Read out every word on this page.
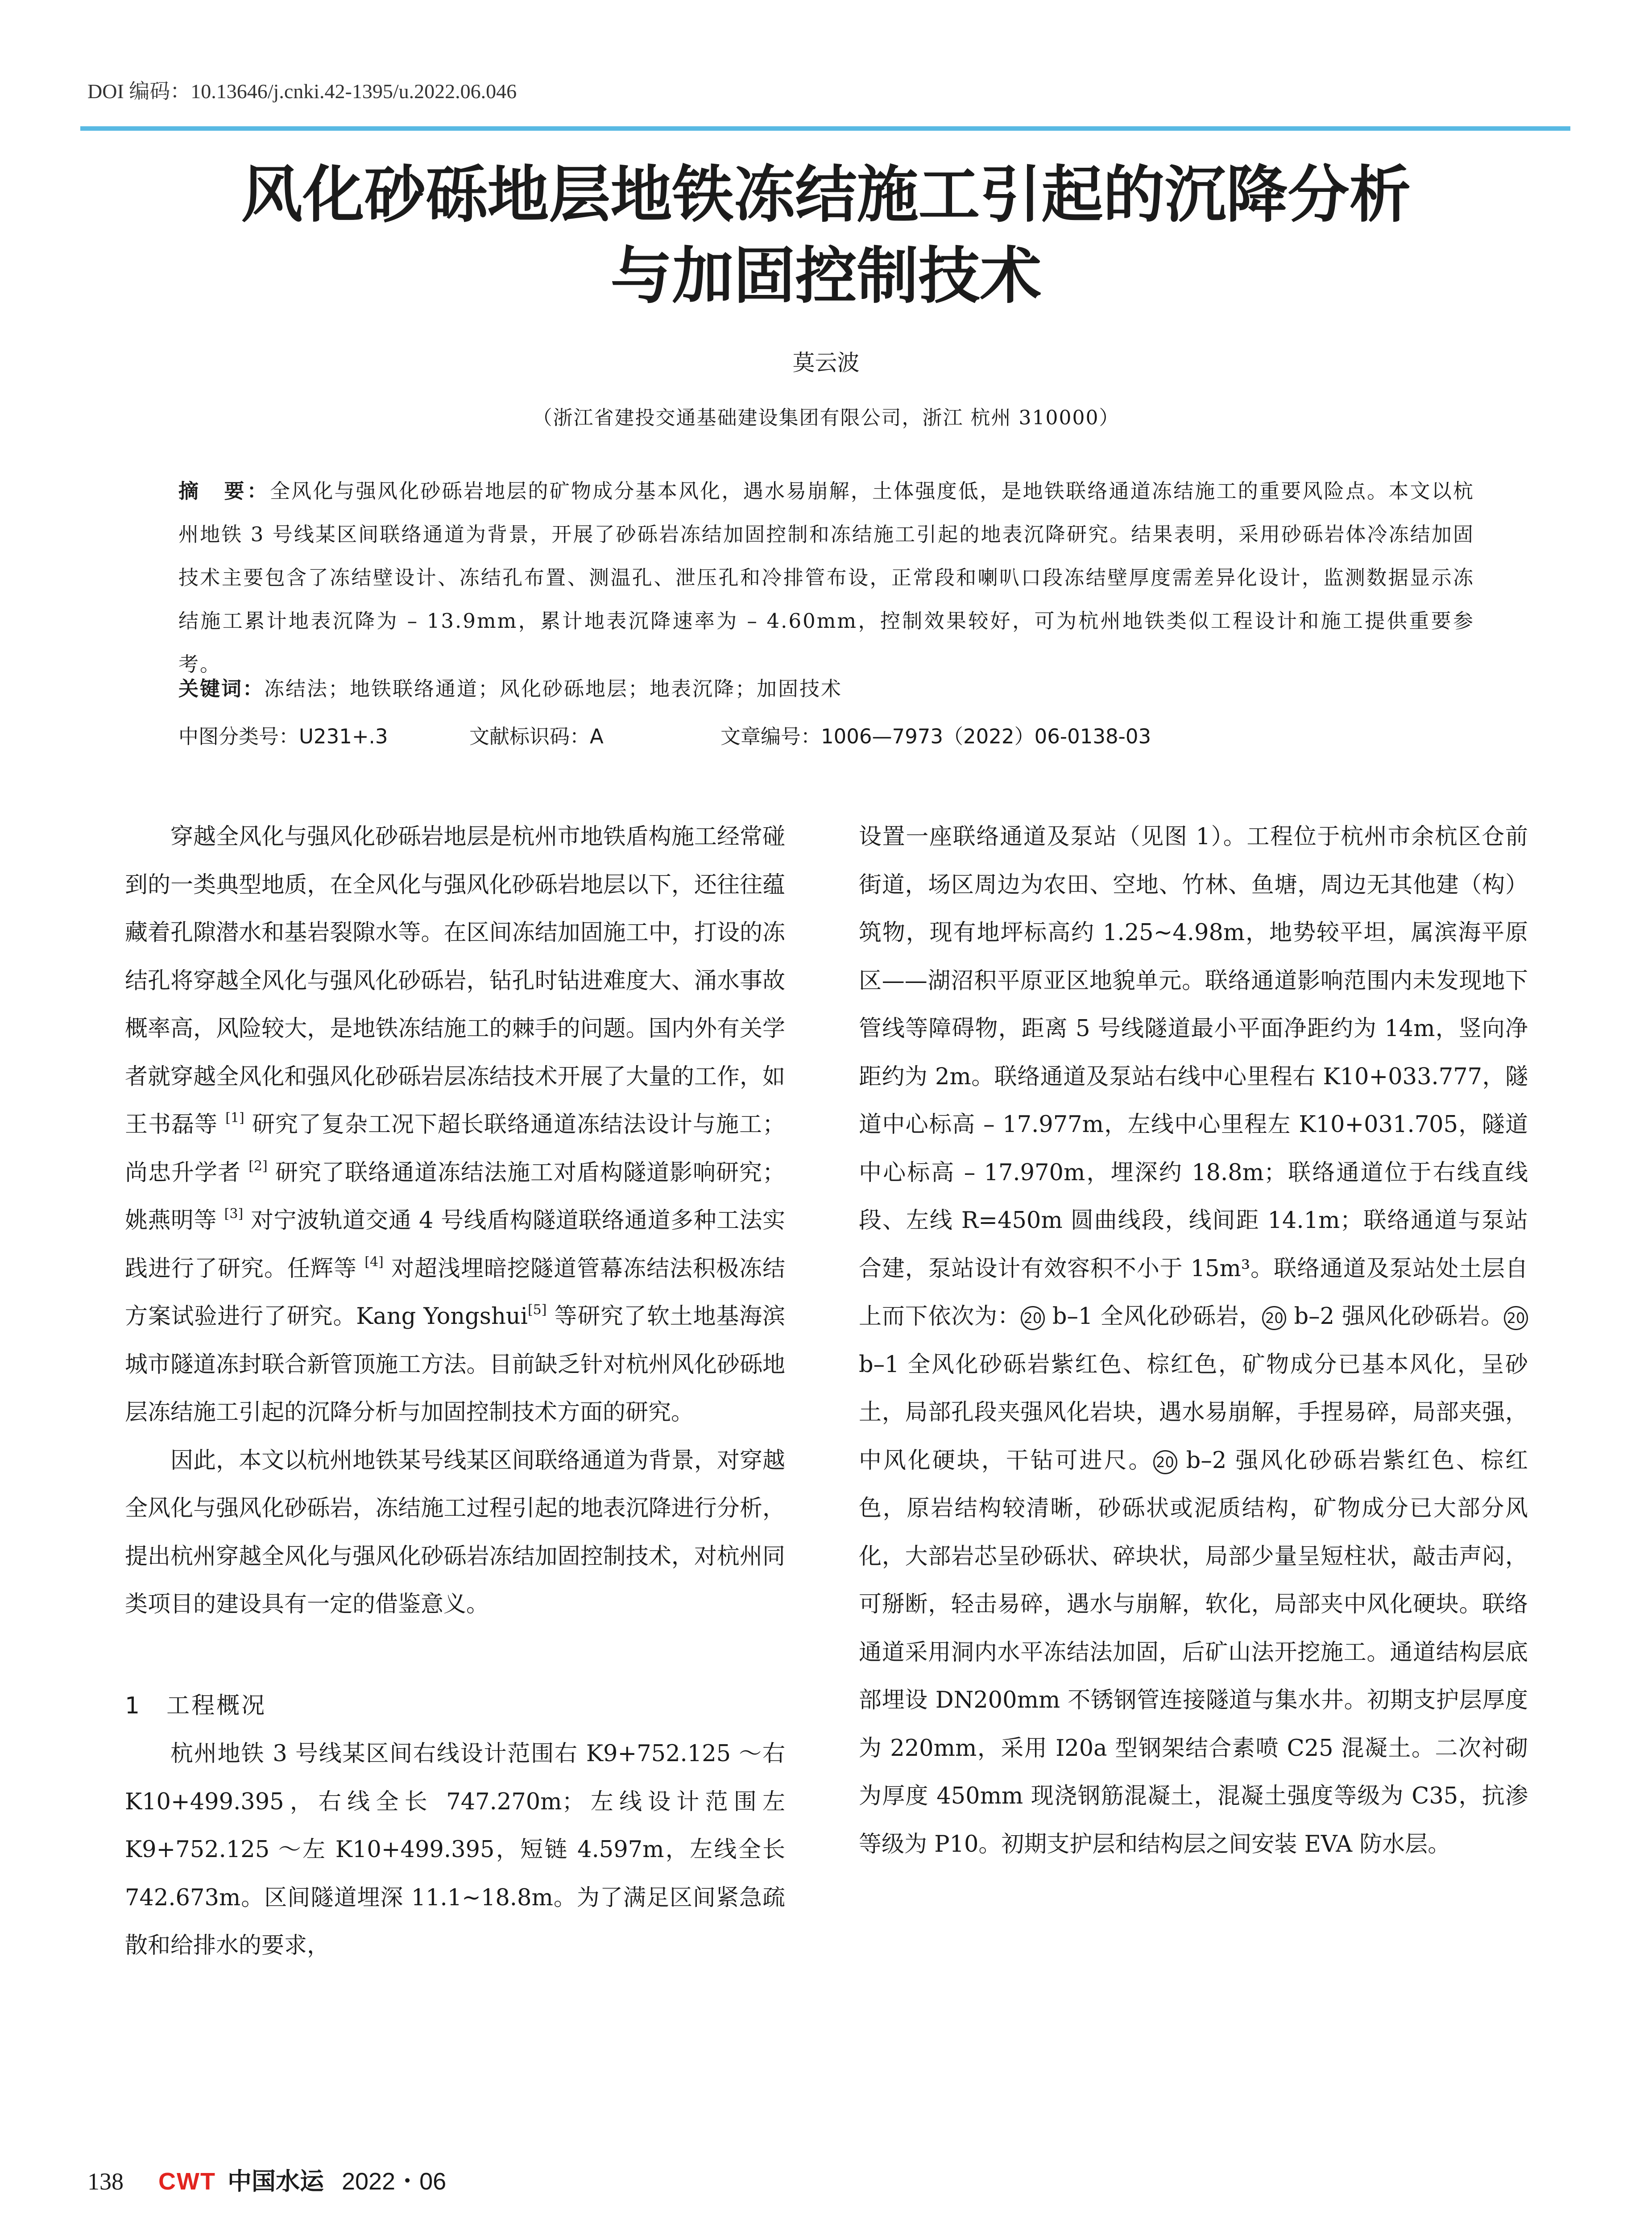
DOI 编码：10.13646/j.cnki.42-1395/u.2022.06.046
风化砂砾地层地铁冻结施工引起的沉降分析
与加固控制技术
莫云波
（浙江省建投交通基础建设集团有限公司，浙江 杭州 310000）
摘　要：全风化与强风化砂砾岩地层的矿物成分基本风化，遇水易崩解，土体强度低，是地铁联络通道冻结施工的重要风险点。本文以杭州地铁 3 号线某区间联络通道为背景，开展了砂砾岩冻结加固控制和冻结施工引起的地表沉降研究。结果表明，采用砂砾岩体冷冻结加固技术主要包含了冻结壁设计、冻结孔布置、测温孔、泄压孔和冷排管布设，正常段和喇叭口段冻结壁厚度需差异化设计，监测数据显示冻结施工累计地表沉降为 – 13.9mm，累计地表沉降速率为 – 4.60mm，控制效果较好，可为杭州地铁类似工程设计和施工提供重要参考。
关键词：冻结法；地铁联络通道；风化砂砾地层；地表沉降；加固技术
中图分类号：U231+.3	文献标识码：A	文章编号：1006—7973（2022）06-0138-03

穿越全风化与强风化砂砾岩地层是杭州市地铁盾构施工经常碰到的一类典型地质，在全风化与强风化砂砾岩地层以下，还往往蕴藏着孔隙潜水和基岩裂隙水等。在区间冻结加固施工中，打设的冻结孔将穿越全风化与强风化砂砾岩，钻孔时钻进难度大、涌水事故概率高，风险较大，是地铁冻结施工的棘手的问题。国内外有关学者就穿越全风化和强风化砂砾岩层冻结技术开展了大量的工作，如王书磊等 [1] 研究了复杂工况下超长联络通道冻结法设计与施工；尚忠升学者 [2] 研究了联络通道冻结法施工对盾构隧道影响研究；姚燕明等 [3] 对宁波轨道交通 4 号线盾构隧道联络通道多种工法实践进行了研究。任辉等 [4] 对超浅埋暗挖隧道管幕冻结法积极冻结方案试验进行了研究。Kang Yongshui[5] 等研究了软土地基海滨城市隧道冻封联合新管顶施工方法。目前缺乏针对杭州风化砂砾地层冻结施工引起的沉降分析与加固控制技术方面的研究。

因此，本文以杭州地铁某号线某区间联络通道为背景，对穿越全风化与强风化砂砾岩，冻结施工过程引起的地表沉降进行分析，提出杭州穿越全风化与强风化砂砾岩冻结加固控制技术，对杭州同类项目的建设具有一定的借鉴意义。

1　工程概况

杭州地铁 3 号线某区间右线设计范围右 K9+752.125 ～右 K10+499.395，右线全长 747.270m；左线设计范围左 K9+752.125 ～左 K10+499.395，短链 4.597m，左线全长 742.673m。区间隧道埋深 11.1~18.8m。为了满足区间紧急疏散和给排水的要求，

设置一座联络通道及泵站（见图 1）。工程位于杭州市余杭区仓前街道，场区周边为农田、空地、竹林、鱼塘，周边无其他建（构）筑物，现有地坪标高约 1.25~4.98m，地势较平坦，属滨海平原区——湖沼积平原亚区地貌单元。联络通道影响范围内未发现地下管线等障碍物，距离 5 号线隧道最小平面净距约为 14m，竖向净距约为 2m。联络通道及泵站右线中心里程右 K10+033.777，隧道中心标高 – 17.977m，左线中心里程左 K10+031.705，隧道中心标高 – 17.970m，埋深约 18.8m；联络通道位于右线直线段、左线 R=450m 圆曲线段，线间距 14.1m；联络通道与泵站合建，泵站设计有效容积不小于 15m³。联络通道及泵站处土层自上而下依次为： 20 b–1 全风化砂砾岩， 20 b–2 强风化砂砾岩。 20 b–1 全风化砂砾岩紫红色、棕红色，矿物成分已基本风化，呈砂土，局部孔段夹强风化岩块，遇水易崩解，手捏易碎，局部夹强，中风化硬块，干钻可进尺。 20 b–2 强风化砂砾岩紫红色、棕红色，原岩结构较清晰，砂砾状或泥质结构，矿物成分已大部分风化，大部岩芯呈砂砾状、碎块状，局部少量呈短柱状，敲击声闷，可掰断，轻击易碎，遇水与崩解，软化，局部夹中风化硬块。联络通道采用洞内水平冻结法加固，后矿山法开挖施工。通道结构层底部埋设 DN200mm 不锈钢管连接隧道与集水井。初期支护层厚度为 220mm，采用 I20a 型钢架结合素喷 C25 混凝土。二次衬砌为厚度 450mm 现浇钢筋混凝土，混凝土强度等级为 C35，抗渗等级为 P10。初期支护层和结构层之间安装 EVA 防水层。

138 CWT 中国水运 2022・06
